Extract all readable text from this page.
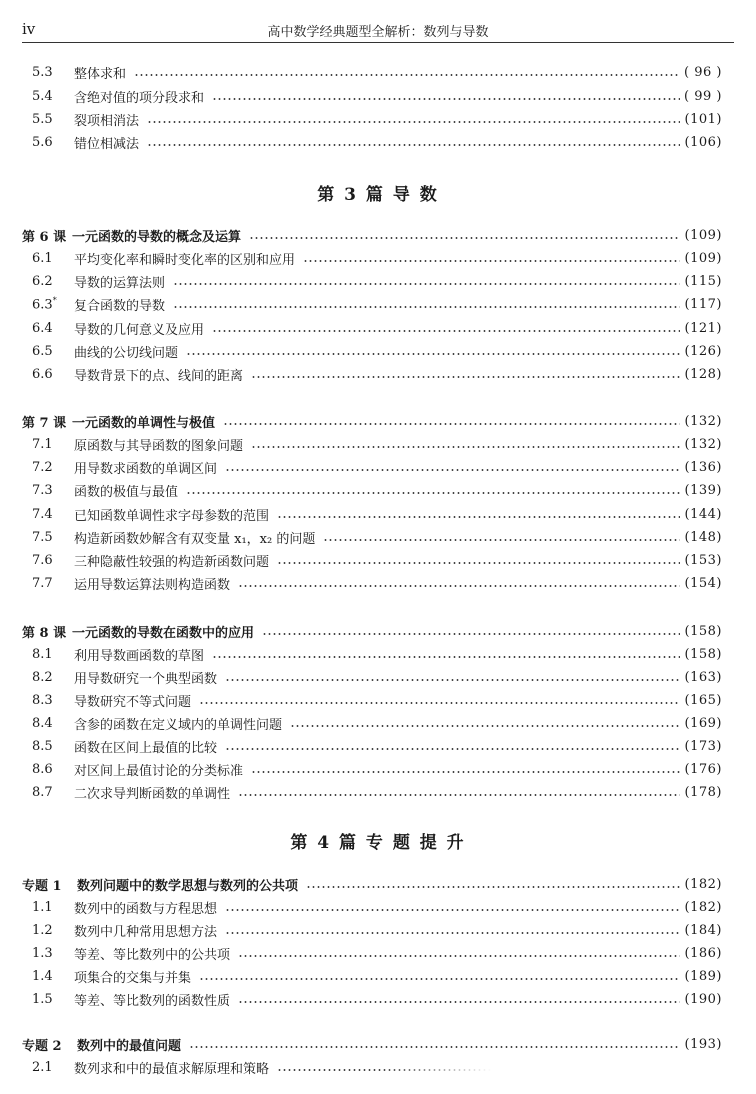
iv	高中数学经典题型全解析：数列与导数
5.3	整体求和	( 96 )
5.4	含绝对值的项分段求和	( 99 )
5.5	裂项相消法	(101)
5.6	错位相减法	(106)
第 3 篇 导 数
第 6 课 一元函数的导数的概念及运算	(109)
6.1	平均变化率和瞬时变化率的区别和应用	(109)
6.2	导数的运算法则	(115)
6.3*	复合函数的导数	(117)
6.4	导数的几何意义及应用	(121)
6.5	曲线的公切线问题	(126)
6.6	导数背景下的点、线间的距离	(128)
第 7 课 一元函数的单调性与极值	(132)
7.1	原函数与其导函数的图象问题	(132)
7.2	用导数求函数的单调区间	(136)
7.3	函数的极值与最值	(139)
7.4	已知函数单调性求字母参数的范围	(144)
7.5	构造新函数妙解含有双变量 x₁，x₂ 的问题	(148)
7.6	三种隐蔽性较强的构造新函数问题	(153)
7.7	运用导数运算法则构造函数	(154)
第 8 课 一元函数的导数在函数中的应用	(158)
8.1	利用导数画函数的草图	(158)
8.2	用导数研究一个典型函数	(163)
8.3	导数研究不等式问题	(165)
8.4	含参的函数在定义域内的单调性问题	(169)
8.5	函数在区间上最值的比较	(173)
8.6	对区间上最值讨论的分类标准	(176)
8.7	二次求导判断函数的单调性	(178)
第 4 篇 专 题 提 升
专题 1	数列问题中的数学思想与数列的公共项	(182)
1.1	数列中的函数与方程思想	(182)
1.2	数列中几种常用思想方法	(184)
1.3	等差、等比数列中的公共项	(186)
1.4	项集合的交集与并集	(189)
1.5	等差、等比数列的函数性质	(190)
专题 2	数列中的最值问题	(193)
2.1	数列求和中的最值求解原理和策略
